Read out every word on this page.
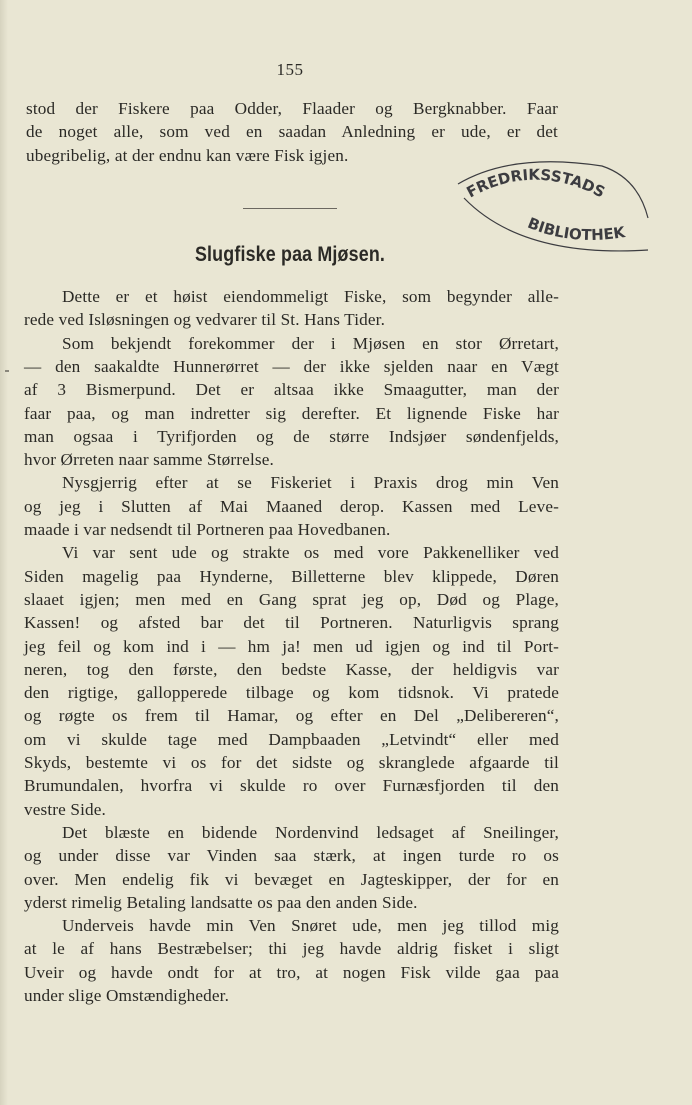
155
stod der Fiskere paa Odder, Flaader og Bergknabber. Faar
de noget alle, som ved en saadan Anledning er ude, er det
ubegribelig, at der endnu kan være Fisk igjen.
FREDRIKSSTADS
BIBLIOTHEK
Slugfiske paa Mjøsen.
Dette er et høist eiendommeligt Fiske, som begynder alle-
rede ved Isløsningen og vedvarer til St. Hans Tider.
Som bekjendt forekommer der i Mjøsen en stor Ørretart,
— den saakaldte Hunnerørret — der ikke sjelden naar en Vægt
af 3 Bismerpund. Det er altsaa ikke Smaagutter, man der
faar paa, og man indretter sig derefter. Et lignende Fiske har
man ogsaa i Tyrifjorden og de større Indsjøer søndenfjelds,
hvor Ørreten naar samme Størrelse.
Nysgjerrig efter at se Fiskeriet i Praxis drog min Ven
og jeg i Slutten af Mai Maaned derop. Kassen med Leve-
maade i var nedsendt til Portneren paa Hovedbanen.
Vi var sent ude og strakte os med vore Pakkenelliker ved
Siden magelig paa Hynderne, Billetterne blev klippede, Døren
slaaet igjen; men med en Gang sprat jeg op, Død og Plage,
Kassen! og afsted bar det til Portneren. Naturligvis sprang
jeg feil og kom ind i — hm ja! men ud igjen og ind til Port-
neren, tog den første, den bedste Kasse, der heldigvis var
den rigtige, gallopperede tilbage og kom tidsnok. Vi pratede
og røgte os frem til Hamar, og efter en Del „Delibereren“,
om vi skulde tage med Dampbaaden „Letvindt“ eller med
Skyds, bestemte vi os for det sidste og skranglede afgaarde til
Brumundalen, hvorfra vi skulde ro over Furnæsfjorden til den
vestre Side.
Det blæste en bidende Nordenvind ledsaget af Sneilinger,
og under disse var Vinden saa stærk, at ingen turde ro os
over. Men endelig fik vi bevæget en Jagteskipper, der for en
yderst rimelig Betaling landsatte os paa den anden Side.
Underveis havde min Ven Snøret ude, men jeg tillod mig
at le af hans Bestræbelser; thi jeg havde aldrig fisket i sligt
Uveir og havde ondt for at tro, at nogen Fisk vilde gaa paa
under slige Omstændigheder.
